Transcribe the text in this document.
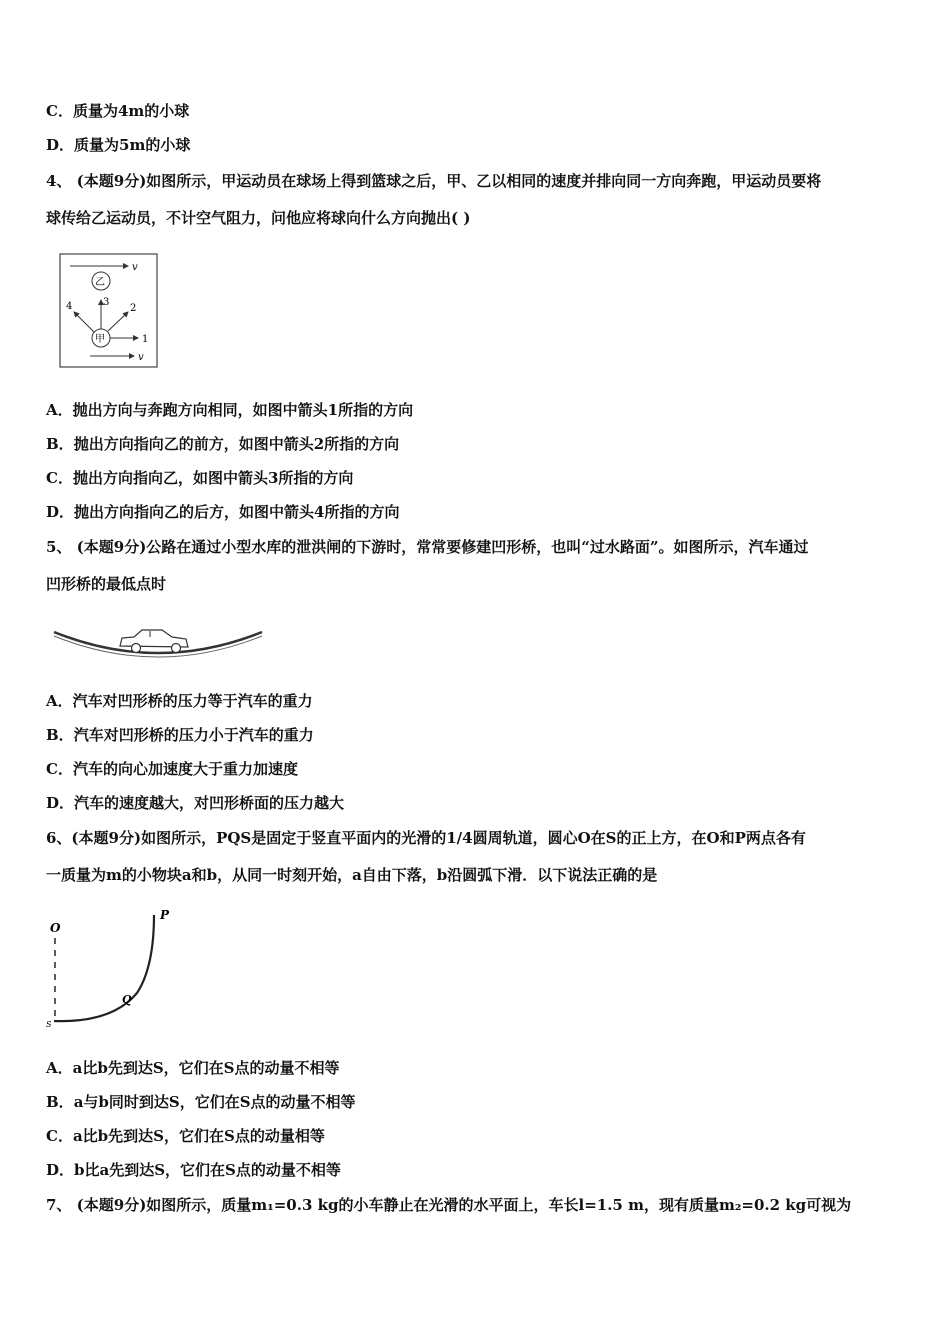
C．质量为4m的小球
D．质量为5m的小球
4、 (本题9分)如图所示，甲运动员在球场上得到篮球之后，甲、乙以相同的速度并排向同一方向奔跑，甲运动员要将
球传给乙运动员，不计空气阻力，问他应将球向什么方向抛出( )
v
乙
甲	1
2
3
4
v
A．抛出方向与奔跑方向相同，如图中箭头1所指的方向
B．抛出方向指向乙的前方，如图中箭头2所指的方向
C．抛出方向指向乙，如图中箭头3所指的方向
D．抛出方向指向乙的后方，如图中箭头4所指的方向
5、 (本题9分)公路在通过小型水库的泄洪闸的下游时，常常要修建凹形桥，也叫“过水路面”。如图所示，汽车通过
凹形桥的最低点时
A．汽车对凹形桥的压力等于汽车的重力
B．汽车对凹形桥的压力小于汽车的重力
C．汽车的向心加速度大于重力加速度
D．汽车的速度越大，对凹形桥面的压力越大
6、(本题9分)如图所示，PQS是固定于竖直平面内的光滑的1/4圆周轨道，圆心O在S的正上方，在O和P两点各有
一质量为m的小物块a和b，从同一时刻开始，a自由下落，b沿圆弧下滑．以下说法正确的是
O
P
Q
S
A．a比b先到达S，它们在S点的动量不相等
B．a与b同时到达S，它们在S点的动量不相等
C．a比b先到达S，它们在S点的动量相等
D．b比a先到达S，它们在S点的动量不相等
7、 (本题9分)如图所示，质量m₁=0.3 kg的小车静止在光滑的水平面上，车长l=1.5 m，现有质量m₂=0.2 kg可视为
